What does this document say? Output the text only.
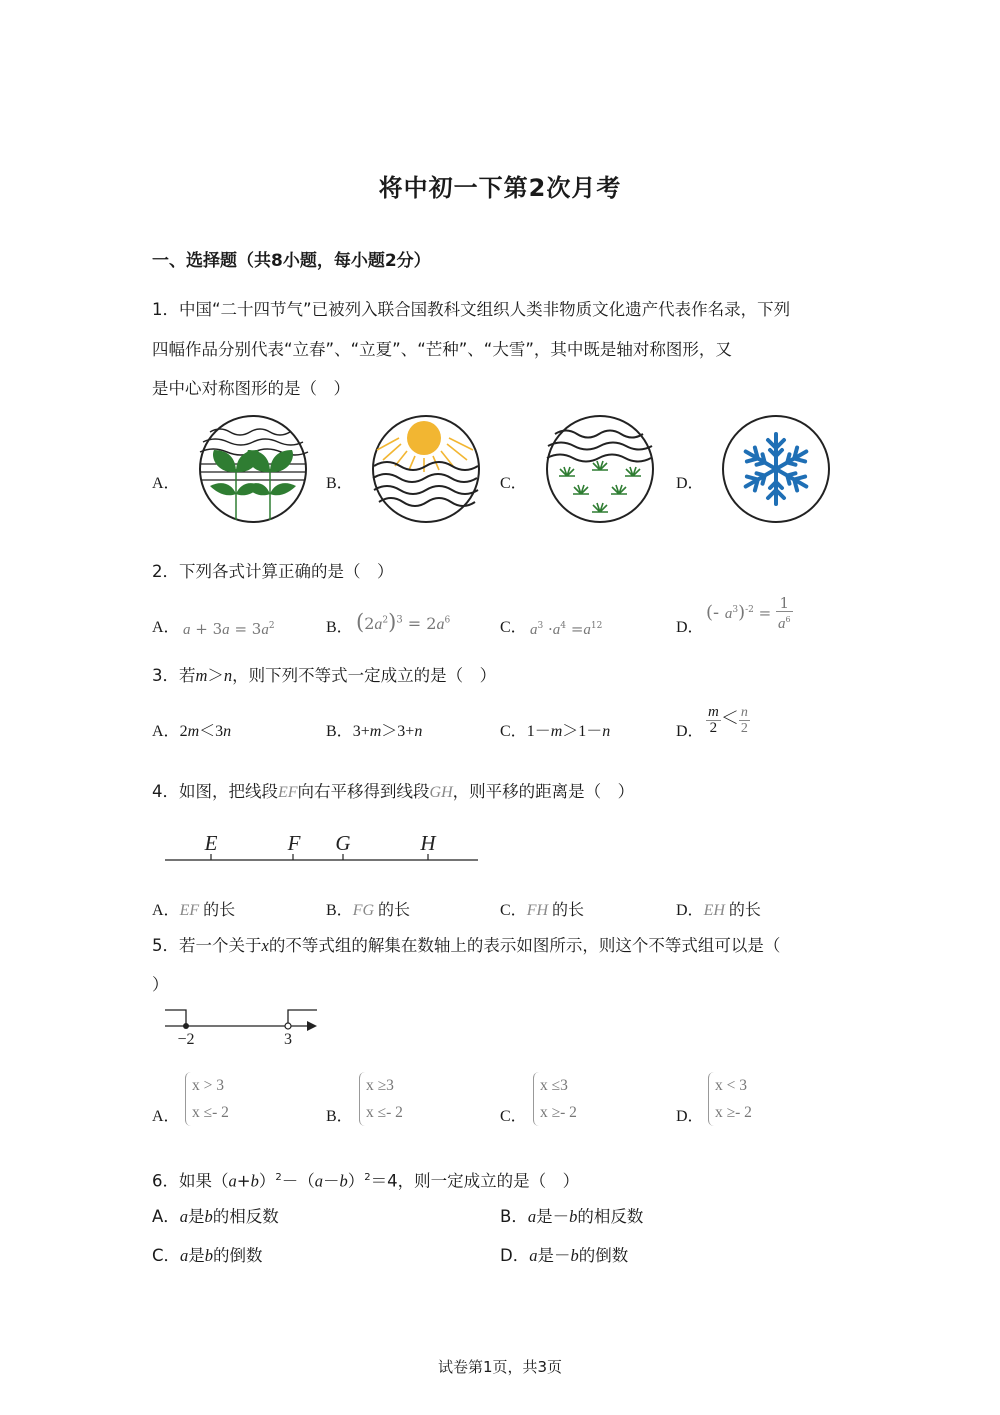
将中初一下第2次月考
一、选择题（共8小题，每小题2分）
1．中国“二十四节气”已被列入联合国教科文组织人类非物质文化遗产代表作名录，下列
四幅作品分别代表“立春”、“立夏”、“芒种”、“大雪”，其中既是轴对称图形，又
是中心对称图形的是（　）
A．	B．	C．	D．
2．下列各式计算正确的是（　）
A． $a + 3a = 3a^2$	B． $(2a^2)^3 = 2a^6$	C． $a^3 \cdot a^4 =a^{12}$	D．
(- $a^3)^{-2} = \frac{1}{a^6}$
3．若m＞n，则下列不等式一定成立的是（　）
A．2m＜3n	B．3+m＞3+n	C．1－m＞1－n	D． $\frac{m}{2} < \frac{n}{2}$
4．如图，把线段EF向右平移得到线段GH，则平移的距离是（　）
E	F G	H
A．EF 的长	B．FG 的长	C．FH 的长	D．EH 的长
5．若一个关于x的不等式组的解集在数轴上的表示如图所示，则这个不等式组可以是（
）
−2	3
A．
x > 3
x ≤- 2	B．
x ≥3
x ≤- 2	C．
x ≤3
x ≥- 2	D．
x < 3
x ≥- 2
6．如果$(a+b)^2-(a-b)^2=4$，则一定成立的是（　）
A．a是b的相反数	B．a是－b的相反数
C．a是b的倒数	D．a是－b的倒数
试卷第1页，共3页
